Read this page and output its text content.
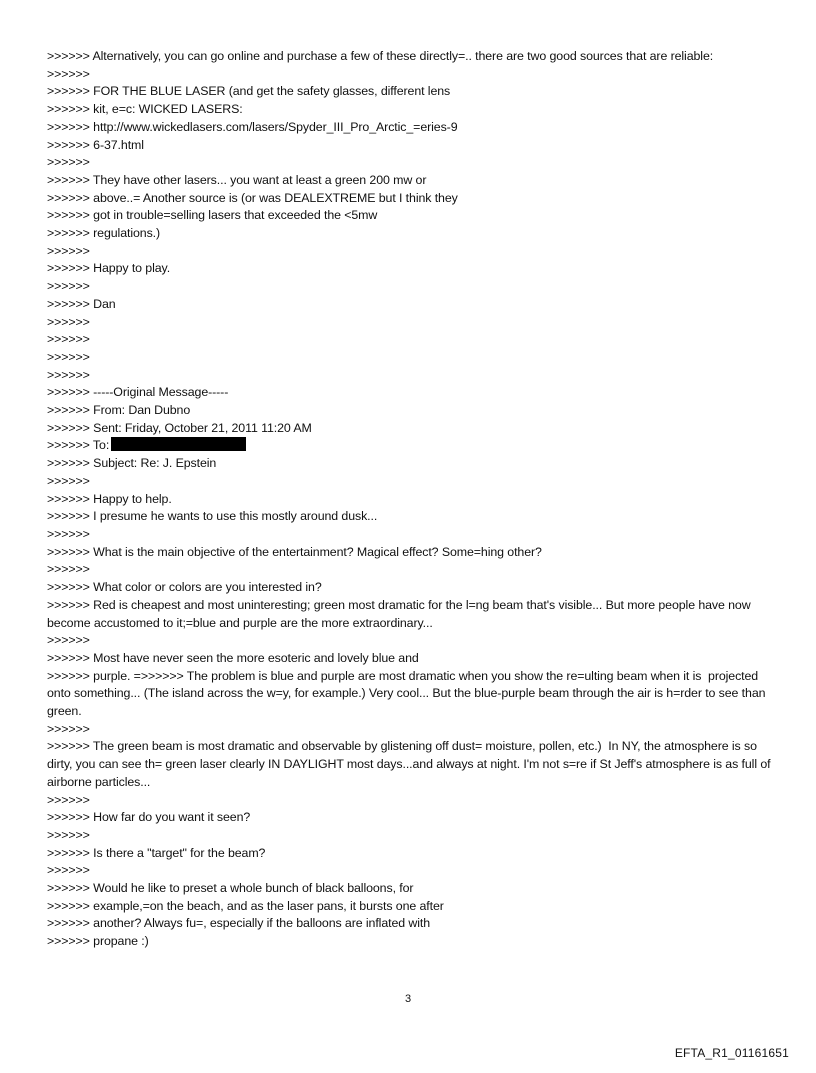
>>>>>> Alternatively, you can go online and purchase a few of these directly=.. there are two good sources that are reliable:
>>>>>>
>>>>>> FOR THE BLUE LASER (and get the safety glasses, different lens
>>>>>> kit, e=c: WICKED LASERS:
>>>>>> http://www.wickedlasers.com/lasers/Spyder_III_Pro_Arctic_=eries-9
>>>>>> 6-37.html
>>>>>>
>>>>>> They have other lasers... you want at least a green 200 mw or
>>>>>> above..= Another source is (or was DEALEXTREME but I think they
>>>>>> got in trouble=selling lasers that exceeded the <5mw
>>>>>> regulations.)
>>>>>>
>>>>>> Happy to play.
>>>>>>
>>>>>> Dan
>>>>>>
>>>>>>
>>>>>>
>>>>>>
>>>>>> -----Original Message-----
>>>>>> From: Dan Dubno
>>>>>> Sent: Friday, October 21, 2011 11:20 AM
>>>>>> To:
>>>>>> Subject: Re: J. Epstein
>>>>>>
>>>>>> Happy to help.
>>>>>> I presume he wants to use this mostly around dusk...
>>>>>>
>>>>>> What is the main objective of the entertainment? Magical effect? Some=hing other?
>>>>>>
>>>>>> What color or colors are you interested in?
>>>>>> Red is cheapest and most uninteresting; green most dramatic for the l=ng beam that's visible... But more people have now become accustomed to it;=blue and purple are the more extraordinary...
>>>>>>
>>>>>> Most have never seen the more esoteric and lovely blue and
>>>>>> purple. =>>>>>> The problem is blue and purple are most dramatic when you show the re=ulting beam when it is  projected onto something... (The island across the w=y, for example.) Very cool... But the blue-purple beam through the air is h=rder to see than green.
>>>>>>
>>>>>> The green beam is most dramatic and observable by glistening off dust= moisture, pollen, etc.)  In NY, the atmosphere is so dirty, you can see th= green laser clearly IN DAYLIGHT most days...and always at night. I'm not s=re if St Jeff's atmosphere is as full of airborne particles...
>>>>>>
>>>>>> How far do you want it seen?
>>>>>>
>>>>>> Is there a "target" for the beam?
>>>>>>
>>>>>> Would he like to preset a whole bunch of black balloons, for
>>>>>> example,=on the beach, and as the laser pans, it bursts one after
>>>>>> another? Always fu=, especially if the balloons are inflated with
>>>>>> propane :)
3
EFTA_R1_01161651
